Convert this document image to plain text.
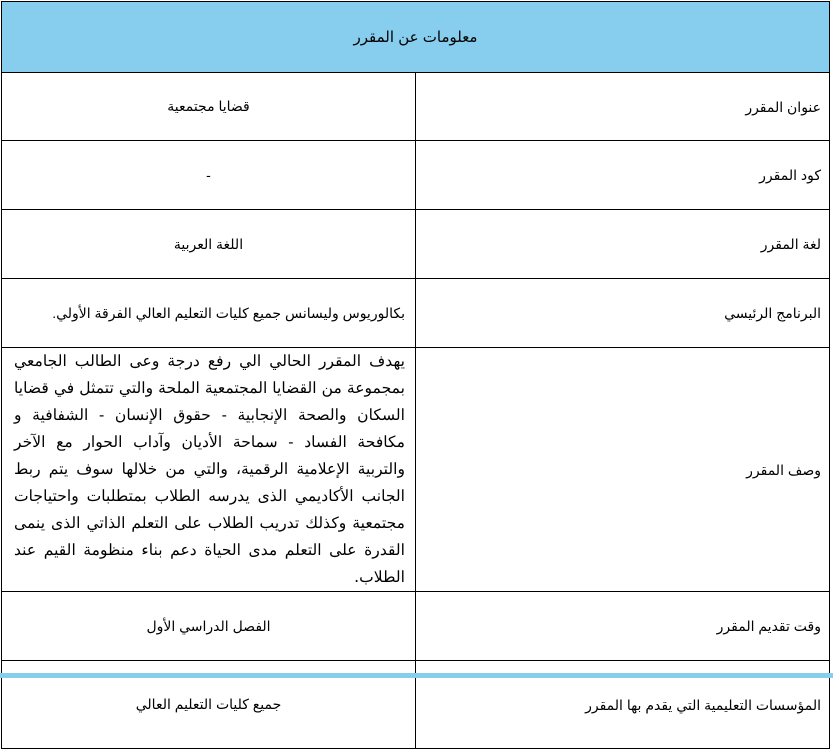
معلومات عن المقرر	
عنوان المقرر	قضايا مجتمعية
كود المقرر	-
لغة المقرر	اللغة العربية
البرنامج الرئيسي	بكالوريوس وليسانس جميع كليات التعليم العالي الفرقة الأولي.
وصف المقرر	يهدف المقرر الحالي الي رفع درجة وعى الطالب الجامعي بمجموعة من القضايا المجتمعية الملحة والتي تتمثل في قضايا السكان والصحة الإنجابية - حقوق الإنسان - الشفافية و مكافحة الفساد - سماحة الأديان وآداب الحوار مع الآخر والتربية الإعلامية الرقمية، والتي من خلالها سوف يتم ربط الجانب الأكاديمي الذى يدرسه الطلاب بمتطلبات واحتياجات مجتمعية وكذلك تدريب الطلاب على التعلم الذاتي الذى ينمى القدرة على التعلم مدى الحياة دعم بناء منظومة القيم عند الطلاب.
وقت تقديم المقرر	الفصل الدراسي الأول
المؤسسات التعليمية التي يقدم بها المقرر	جميع كليات التعليم العالي
